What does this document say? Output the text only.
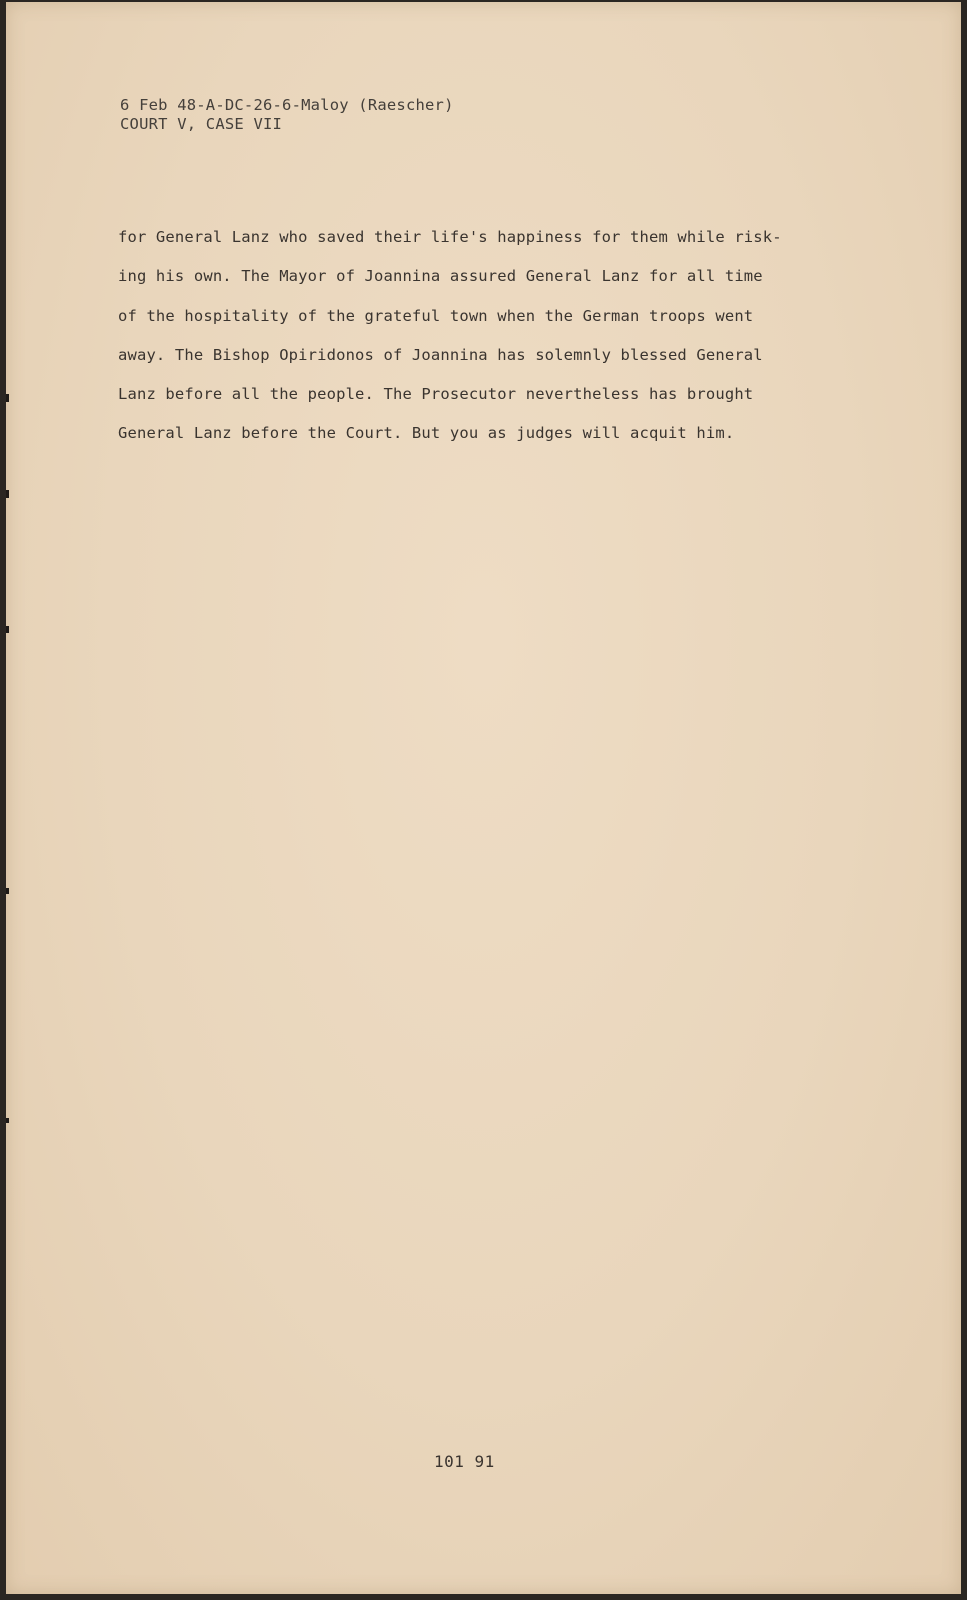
6 Feb 48-A-DC-26-6-Maloy (Raescher)
COURT V, CASE VII
for General Lanz who saved their life's happiness for them while risk-
ing his own. The Mayor of Joannina assured General Lanz for all time
of the hospitality of the grateful town when the German troops went
away. The Bishop Opiridonos of Joannina has solemnly blessed General
Lanz before all the people. The Prosecutor nevertheless has brought
General Lanz before the Court. But you as judges will acquit him.
101 91
